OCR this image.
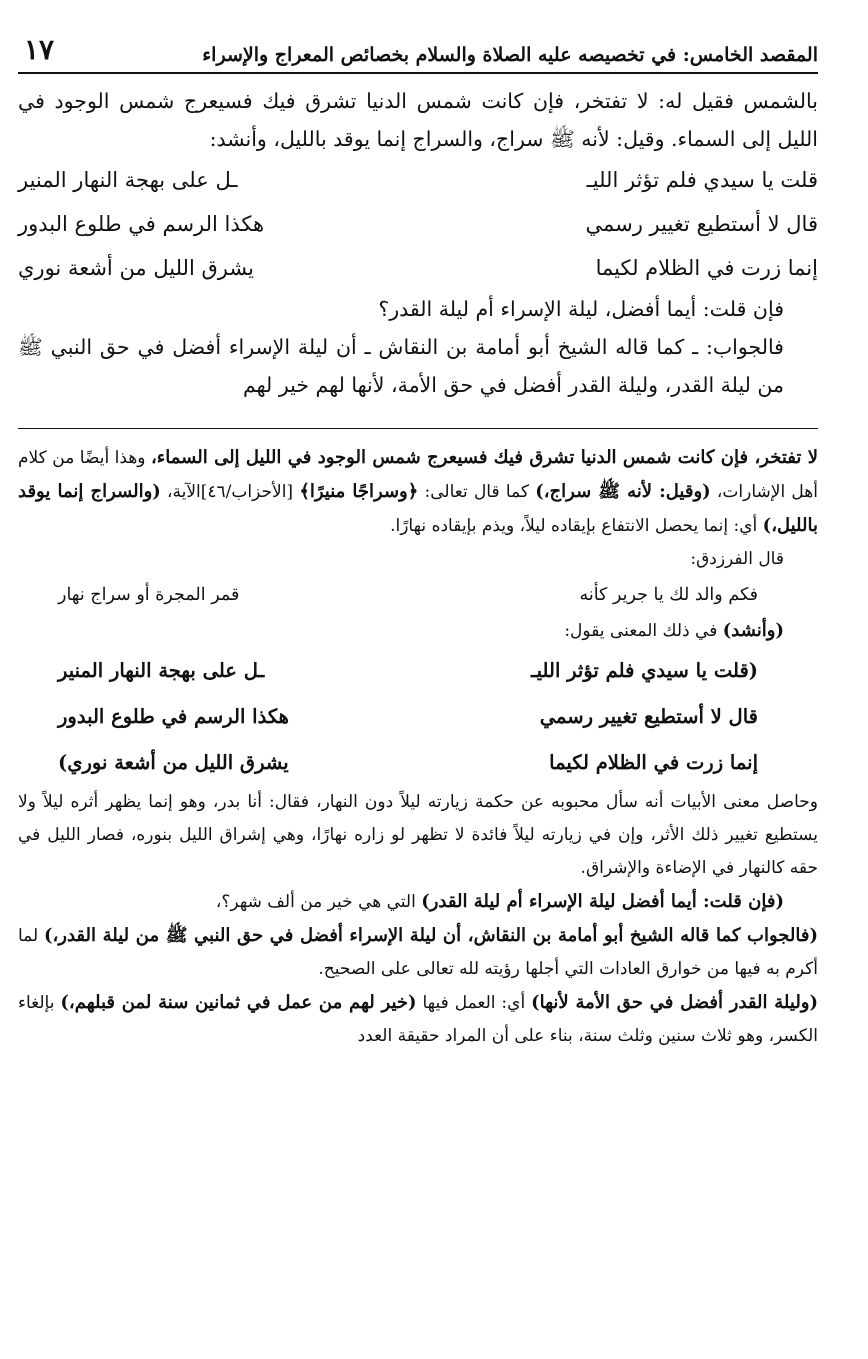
المقصد الخامس: في تخصيصه عليه الصلاة والسلام بخصائص المعراج والإسراء
١٧

بالشمس فقيل له: لا تفتخر، فإن كانت شمس الدنيا تشرق فيك فسيعرج شمس الوجود في الليل إلى السماء. وقيل: لأنه ﷺ سراج، والسراج إنما يوقد بالليل، وأنشد:

قلت يا سيدي فلم تؤثر الليـ
ـل على بهجة النهار المنير
قال لا أستطيع تغيير رسمي
هكذا الرسم في طلوع البدور
إنما زرت في الظلام لكيما
يشرق الليل من أشعة نوري

فإن قلت: أيما أفضل، ليلة الإسراء أم ليلة القدر؟

فالجواب: ـ كما قاله الشيخ أبو أمامة بن النقاش ـ أن ليلة الإسراء أفضل في حق النبي ﷺ من ليلة القدر، وليلة القدر أفضل في حق الأمة، لأنها لهم خير لهم

لا تفتخر، فإن كانت شمس الدنيا تشرق فيك فسيعرج شمس الوجود في الليل إلى السماء، وهذا أيضًا من كلام أهل الإشارات، (وقيل: لأنه ﷺ سراج،) كما قال تعالى: ﴿وسراجًا منيرًا﴾ [الأحزاب/٤٦]الآية، (والسراج إنما يوقد بالليل،) أي: إنما يحصل الانتفاع بإيقاده ليلاً، ويذم بإيقاده نهارًا.

قال الفرزدق:

فكم والد لك يا جرير كأنه
قمر المجرة أو سراج نهار

(وأنشد) في ذلك المعنى يقول:

(قلت يا سيدي فلم تؤثر الليـ
ـل على بهجة النهار المنير
قال لا أستطيع تغيير رسمي
هكذا الرسم في طلوع البدور
إنما زرت في الظلام لكيما
يشرق الليل من أشعة نوري)

وحاصل معنى الأبيات أنه سأل محبوبه عن حكمة زيارته ليلاً دون النهار، فقال: أنا بدر، وهو إنما يظهر أثره ليلاً ولا يستطيع تغيير ذلك الأثر، وإن في زيارته ليلاً فائدة لا تظهر لو زاره نهارًا، وهي إشراق الليل بنوره، فصار الليل في حقه كالنهار في الإضاءة والإشراق.

(فإن قلت: أيما أفضل ليلة الإسراء أم ليلة القدر) التي هي خير من ألف شهر؟،

(فالجواب كما قاله الشيخ أبو أمامة بن النقاش، أن ليلة الإسراء أفضل في حق النبي ﷺ من ليلة القدر،) لما أكرم به فيها من خوارق العادات التي أجلها رؤيته لله تعالى على الصحيح.

(وليلة القدر أفضل في حق الأمة لأنها) أي: العمل فيها (خير لهم من عمل في ثمانين سنة لمن قبلهم،) بإلغاء الكسر، وهو ثلاث سنين وثلث سنة، بناء على أن المراد حقيقة العدد
